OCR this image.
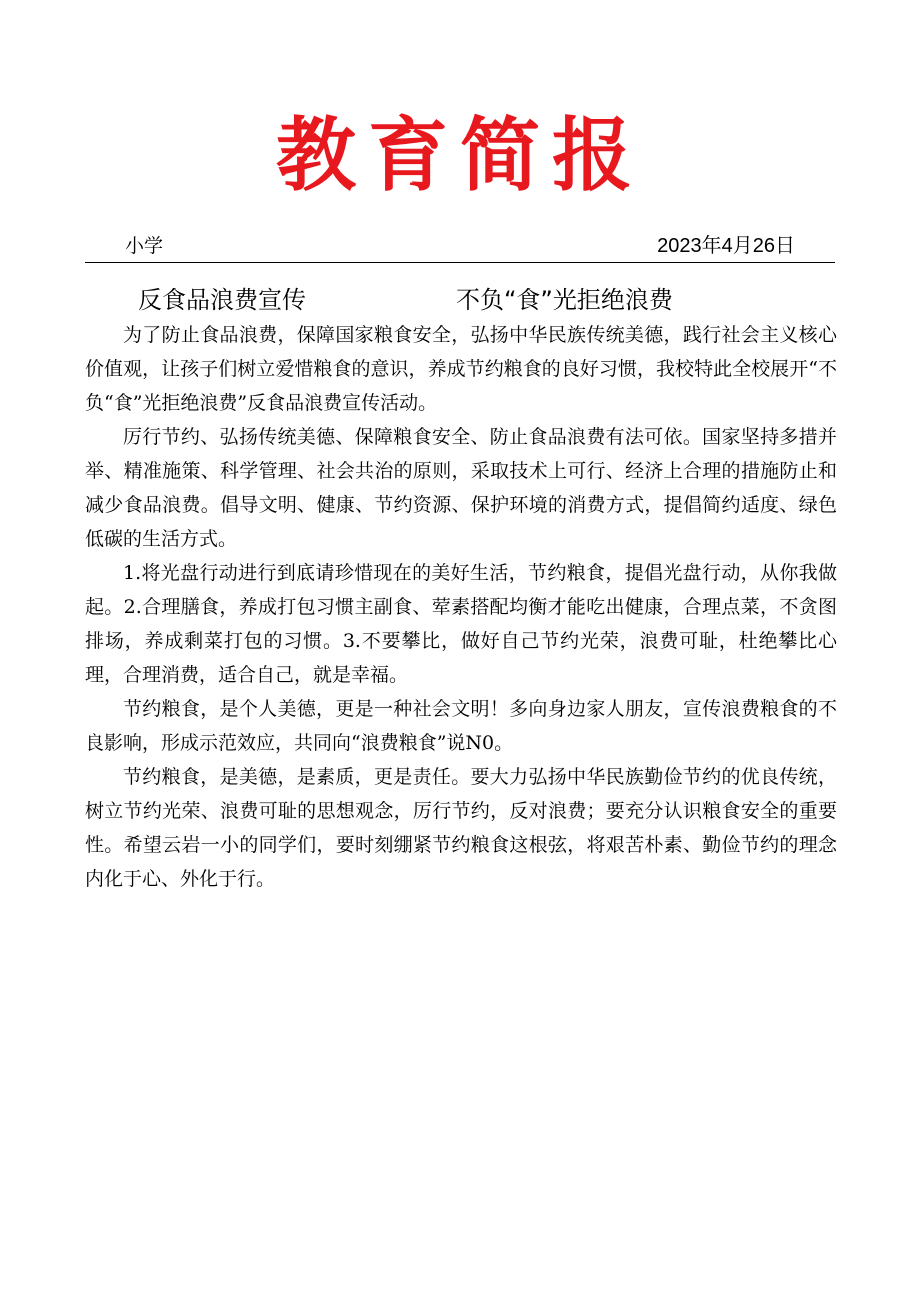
教育简报
小学	2023年4月26日
反食品浪费宣传	不负“食”光拒绝浪费

为了防止食品浪费，保障国家粮食安全，弘扬中华民族传统美德，践行社会主义核心价值观，让孩子们树立爱惜粮食的意识，养成节约粮食的良好习惯，我校特此全校展开“不负“食”光拒绝浪费”反食品浪费宣传活动。

厉行节约、弘扬传统美德、保障粮食安全、防止食品浪费有法可依。国家坚持多措并举、精准施策、科学管理、社会共治的原则，采取技术上可行、经济上合理的措施防止和减少食品浪费。倡导文明、健康、节约资源、保护环境的消费方式，提倡简约适度、绿色低碳的生活方式。

1.将光盘行动进行到底请珍惜现在的美好生活，节约粮食，提倡光盘行动，从你我做起。2.合理膳食，养成打包习惯主副食、荤素搭配均衡才能吃出健康，合理点菜，不贪图排场，养成剩菜打包的习惯。3.不要攀比，做好自己节约光荣，浪费可耻，杜绝攀比心理，合理消费，适合自己，就是幸福。

节约粮食，是个人美德，更是一种社会文明！多向身边家人朋友，宣传浪费粮食的不良影响，形成示范效应，共同向“浪费粮食”说N0。

节约粮食，是美德，是素质，更是责任。要大力弘扬中华民族勤俭节约的优良传统，树立节约光荣、浪费可耻的思想观念，厉行节约，反对浪费；要充分认识粮食安全的重要性。希望云岩一小的同学们，要时刻绷紧节约粮食这根弦，将艰苦朴素、勤俭节约的理念内化于心、外化于行。
